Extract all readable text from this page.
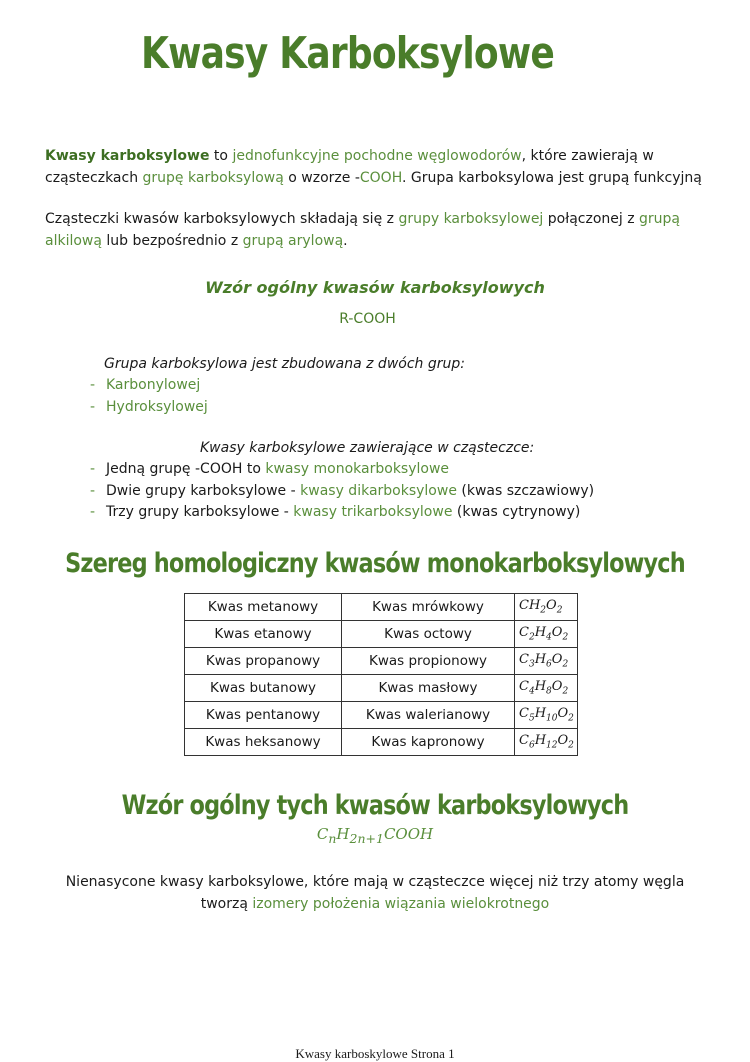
Kwasy Karboksylowe
Kwasy karboksylowe to jednofunkcyjne pochodne węglowodorów, które zawierają w cząsteczkach grupę karboksylową o wzorze -COOH. Grupa karboksylowa jest grupą funkcyjną
Cząsteczki kwasów karboksylowych składają się z grupy karboksylowej połączonej z grupą alkilową lub bezpośrednio z grupą arylową.
Wzór ogólny kwasów karboksylowych
R-COOH
Grupa karboksylowa jest zbudowana z dwóch grup:
- Karbonylowej
- Hydroksylowej
Kwasy karboksylowe zawierające w cząsteczce:
- Jedną grupę -COOH to kwasy monokarboksylowe
- Dwie grupy karboksylowe - kwasy dikarboksylowe (kwas szczawiowy)
- Trzy grupy karboksylowe - kwasy trikarboksylowe (kwas cytrynowy)
Szereg homologiczny kwasów monokarboksylowych
Kwas metanowy	Kwas mrówkowy	$CH_2O_2$
Kwas etanowy	Kwas octowy	$C_2H_4O_2$
Kwas propanowy	Kwas propionowy	$C_3H_6O_2$
Kwas butanowy	Kwas masłowy	$C_4H_8O_2$
Kwas pentanowy	Kwas walerianowy	$C_5H_{10}O_2$
Kwas heksanowy	Kwas kapronowy	$C_6H_{12}O_2$
Wzór ogólny tych kwasów karboksylowych
$C_nH_{2n+1}COOH$
Nienasycone kwasy karboksylowe, które mają w cząsteczce więcej niż trzy atomy węgla tworzą izomery położenia wiązania wielokrotnego
Kwasy karboskylowe Strona 1
